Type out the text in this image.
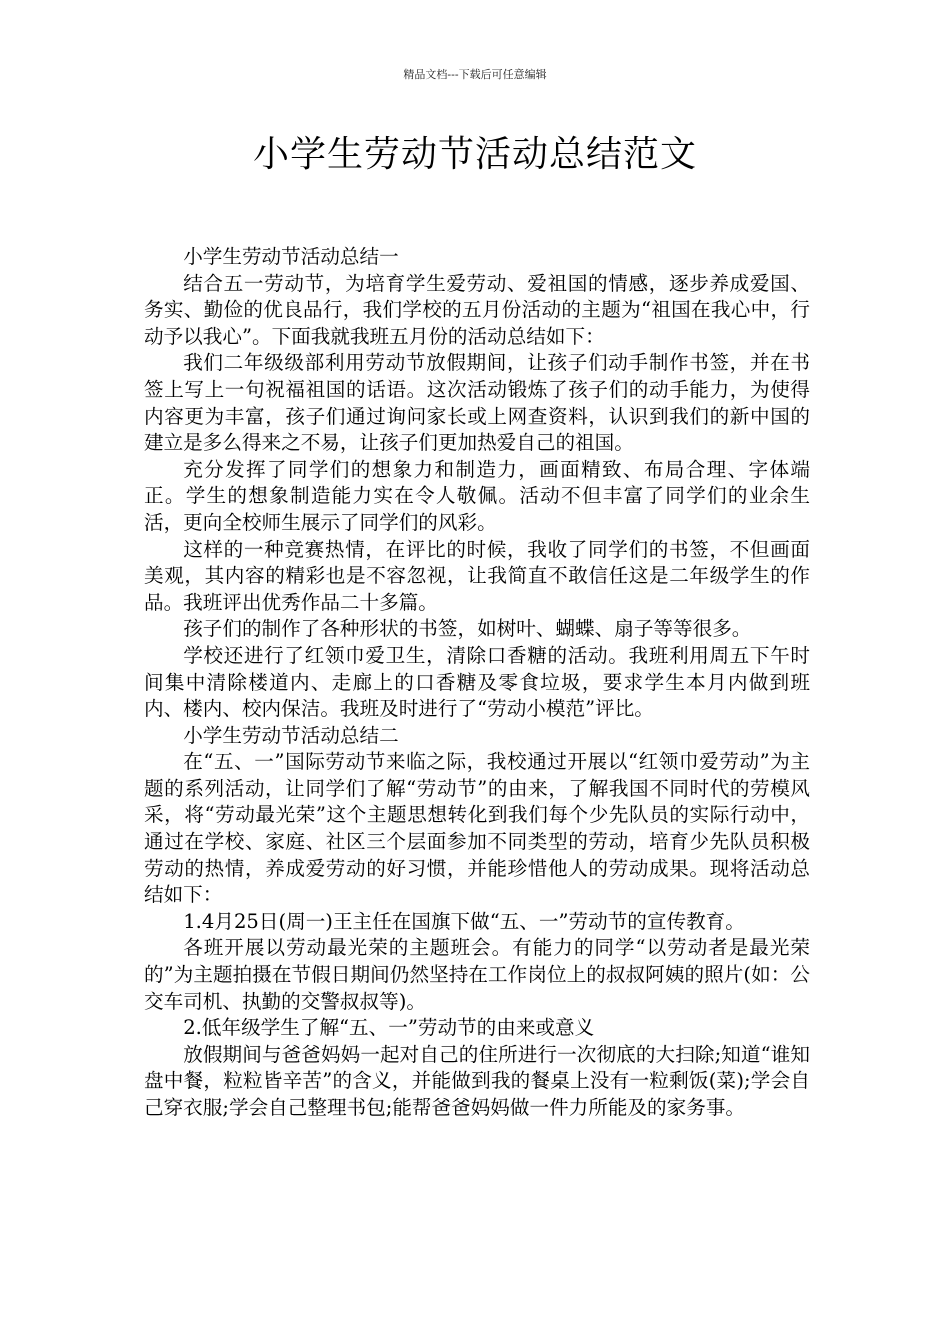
精品文档---下载后可任意编辑
小学生劳动节活动总结范文

小学生劳动节活动总结一

结合五一劳动节，为培育学生爱劳动、爱祖国的情感，逐步养成爱国、务实、勤俭的优良品行，我们学校的五月份活动的主题为“祖国在我心中，行动予以我心”。下面我就我班五月份的活动总结如下：

我们二年级级部利用劳动节放假期间，让孩子们动手制作书签，并在书签上写上一句祝福祖国的话语。这次活动锻炼了孩子们的动手能力，为使得内容更为丰富，孩子们通过询问家长或上网查资料，认识到我们的新中国的建立是多么得来之不易，让孩子们更加热爱自己的祖国。

充分发挥了同学们的想象力和制造力，画面精致、布局合理、字体端正。学生的想象制造能力实在令人敬佩。活动不但丰富了同学们的业余生活，更向全校师生展示了同学们的风彩。

这样的一种竞赛热情，在评比的时候，我收了同学们的书签，不但画面美观，其内容的精彩也是不容忽视，让我简直不敢信任这是二年级学生的作品。我班评出优秀作品二十多篇。

孩子们的制作了各种形状的书签，如树叶、蝴蝶、扇子等等很多。

学校还进行了红领巾爱卫生，清除口香糖的活动。我班利用周五下午时间集中清除楼道内、走廊上的口香糖及零食垃圾，要求学生本月内做到班内、楼内、校内保洁。我班及时进行了“劳动小模范”评比。

小学生劳动节活动总结二

在“五、一”国际劳动节来临之际，我校通过开展以“红领巾爱劳动”为主题的系列活动，让同学们了解“劳动节”的由来，了解我国不同时代的劳模风采，将“劳动最光荣”这个主题思想转化到我们每个少先队员的实际行动中，通过在学校、家庭、社区三个层面参加不同类型的劳动，培育少先队员积极劳动的热情，养成爱劳动的好习惯，并能珍惜他人的劳动成果。现将活动总结如下：

1.4月25日(周一)王主任在国旗下做“五、一”劳动节的宣传教育。

各班开展以劳动最光荣的主题班会。有能力的同学“以劳动者是最光荣的”为主题拍摄在节假日期间仍然坚持在工作岗位上的叔叔阿姨的照片(如：公交车司机、执勤的交警叔叔等)。

2.低年级学生了解“五、一”劳动节的由来或意义

放假期间与爸爸妈妈一起对自己的住所进行一次彻底的大扫除;知道“谁知盘中餐，粒粒皆辛苦”的含义，并能做到我的餐桌上没有一粒剩饭(菜);学会自己穿衣服;学会自己整理书包;能帮爸爸妈妈做一件力所能及的家务事。
